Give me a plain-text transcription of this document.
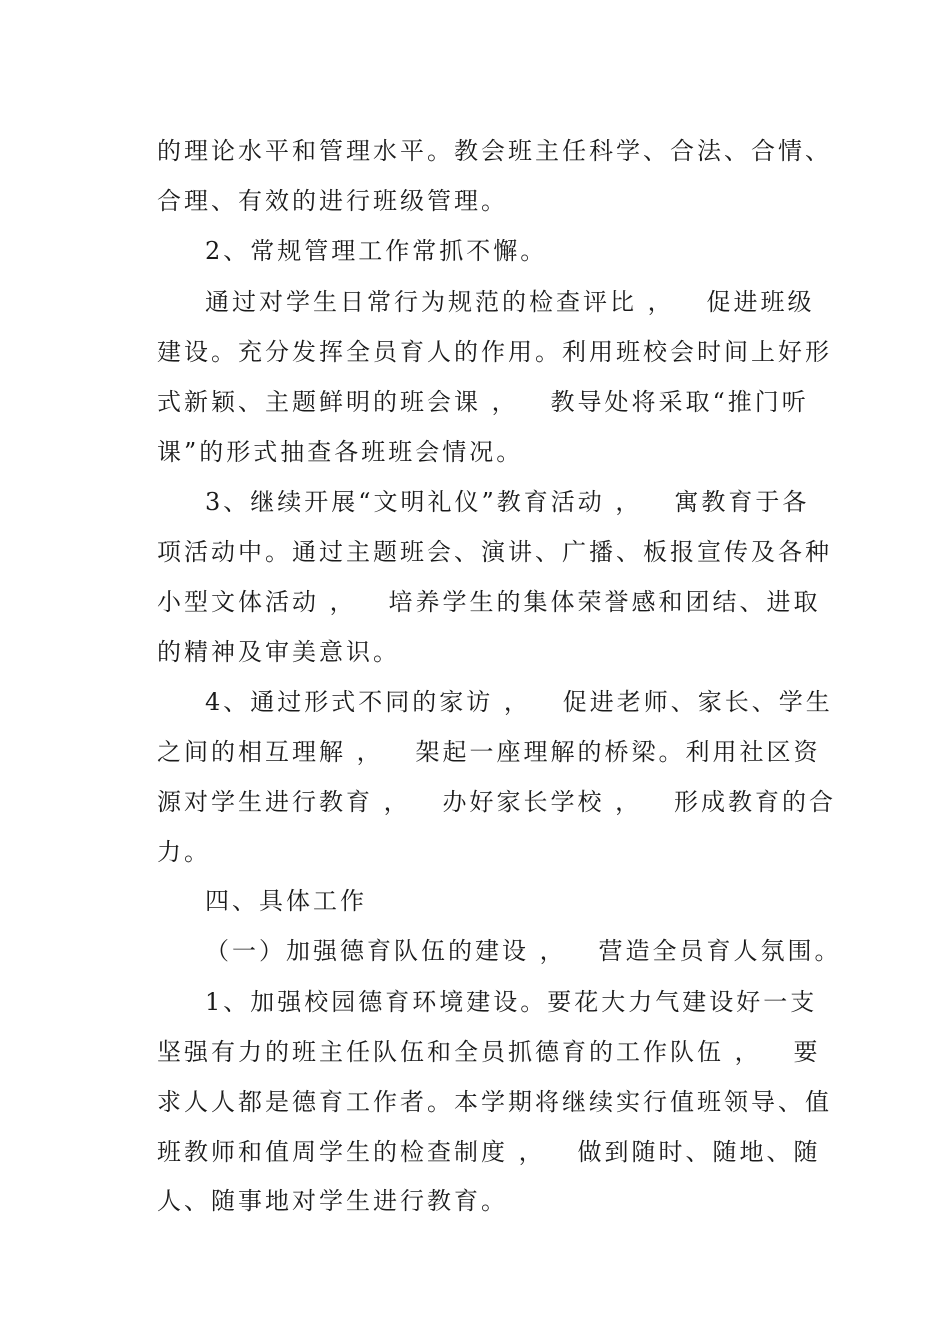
的理论水平和管理水平。教会班主任科学、合法、合情、
合理、有效的进行班级管理。
2、常规管理工作常抓不懈。
通过对学生日常行为规范的检查评比 ，   促进班级
建设。充分发挥全员育人的作用。利用班校会时间上好形
式新颖、主题鲜明的班会课 ，   教导处将采取“推门听
课”的形式抽查各班班会情况。
3、继续开展“文明礼仪”教育活动 ，   寓教育于各
项活动中。通过主题班会、演讲、广播、板报宣传及各种
小型文体活动 ，   培养学生的集体荣誉感和团结、进取
的精神及审美意识。
4、通过形式不同的家访 ，   促进老师、家长、学生
之间的相互理解 ，   架起一座理解的桥梁。利用社区资
源对学生进行教育 ，   办好家长学校 ，   形成教育的合
力。
四、具体工作
（一）加强德育队伍的建设 ，   营造全员育人氛围。
1、加强校园德育环境建设。要花大力气建设好一支
坚强有力的班主任队伍和全员抓德育的工作队伍 ，   要
求人人都是德育工作者。本学期将继续实行值班领导、值
班教师和值周学生的检查制度 ，   做到随时、随地、随
人、随事地对学生进行教育。
